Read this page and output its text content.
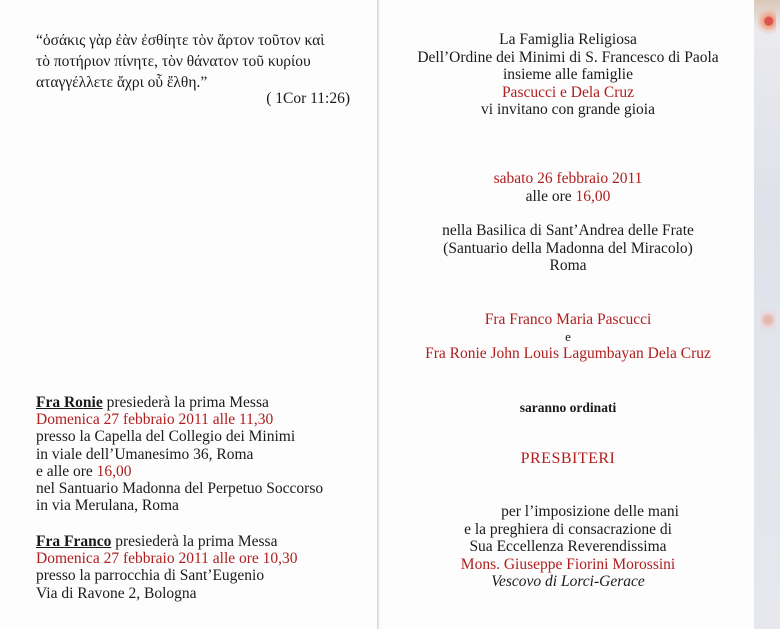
“ὁσάκις γὰρ ἐὰν ἐσθίητε τὸν ἄρτον τοῦτον καὶ
τὸ ποτήριον πίνητε, τὸν θάνατον τοῦ κυρίου
αταγγέλλετε ἄχρι οὗ ἔλθη.”
( 1Cor 11:26)
Fra Ronie presiederà la prima Messa
Domenica 27 febbraio 2011 alle 11,30
presso la Capella del Collegio dei Minimi
in viale dell’Umanesimo 36, Roma
e alle ore 16,00
nel Santuario Madonna del Perpetuo Soccorso
in via Merulana, Roma
Fra Franco presiederà la prima Messa
Domenica 27 febbraio 2011 alle ore 10,30
presso la parrocchia di Sant’Eugenio
Via di Ravone 2, Bologna
La Famiglia Religiosa
Dell’Ordine dei Minimi di S. Francesco di Paola
insieme alle famiglie
Pascucci e Dela Cruz
vi invitano con grande gioia
sabato 26 febbraio 2011
alle ore 16,00
nella Basilica di Sant’Andrea delle Frate
(Santuario della Madonna del Miracolo)
Roma
Fra Franco Maria Pascucci
e
Fra Ronie John Louis Lagumbayan Dela Cruz
saranno ordinati
PRESBITERI
per l’imposizione delle mani
e la preghiera di consacrazione di
Sua Eccellenza Reverendissima
Mons. Giuseppe Fiorini Morossini
Vescovo di Lorci-Gerace
